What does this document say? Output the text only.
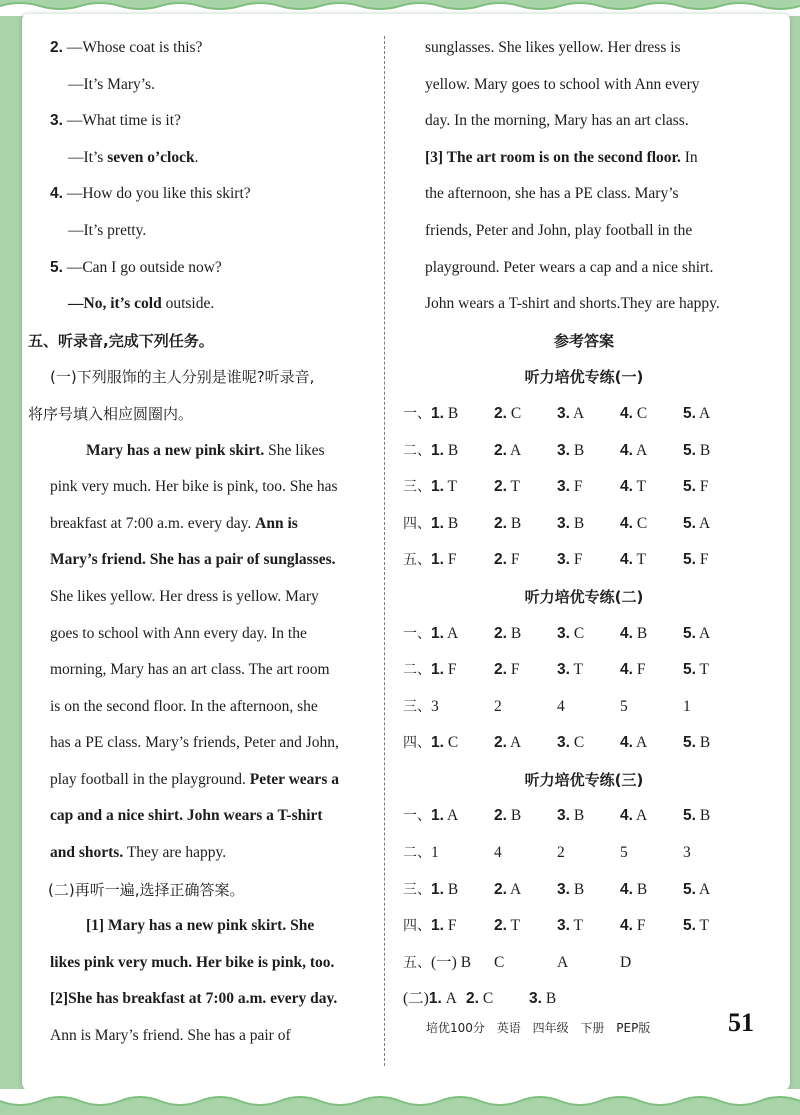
2. —Whose coat is this?
—It’s Mary’s.
3. —What time is it?
—It’s seven o’clock.
4. —How do you like this skirt?
—It’s pretty.
5. —Can I go outside now?
—No, it’s cold outside.
五、听录音,完成下列任务。
(一)下列服饰的主人分别是谁呢?听录音,
将序号填入相应圆圈内。
Mary has a new pink skirt. She likes
pink very much. Her bike is pink, too. She has
breakfast at 7:00 a.m. every day. Ann is
Mary’s friend. She has a pair of sunglasses.
She likes yellow. Her dress is yellow. Mary
goes to school with Ann every day. In the
morning, Mary has an art class. The art room
is on the second floor. In the afternoon, she
has a PE class. Mary’s friends, Peter and John,
play football in the playground. Peter wears a
cap and a nice shirt. John wears a T-shirt
and shorts. They are happy.
(二)再听一遍,选择正确答案。
[1] Mary has a new pink skirt. She
likes pink very much. Her bike is pink, too.
[2]She has breakfast at 7:00 a.m. every day.
Ann is Mary’s friend. She has a pair of
sunglasses. She likes yellow. Her dress is
yellow. Mary goes to school with Ann every
day. In the morning, Mary has an art class.
[3] The art room is on the second floor. In
the afternoon, she has a PE class. Mary’s
friends, Peter and John, play football in the
playground. Peter wears a cap and a nice shirt.
John wears a T-shirt and shorts.They are happy.
参考答案
听力培优专练(一)
一、1. B 2. C 3. A 4. C 5. A
二、1. B 2. A 3. B 4. A 5. B
三、1. T 2. T 3. F 4. T 5. F
四、1. B 2. B 3. B 4. C 5. A
五、1. F 2. F 3. F 4. T 5. F
听力培优专练(二)
一、1. A 2. B 3. C 4. B 5. A
二、1. F 2. F 3. T 4. F 5. T
三、3	2	4	5	1
四、1. C 2. A 3. C 4. A 5. B
听力培优专练(三)
一、1. A 2. B 3. B 4. A 5. B
二、1	4	2	5	3
三、1. B 2. A 3. B 4. B 5. A
四、1. F 2. T 3. T 4. F 5. T
五、(一) B C	A	D
(二)1. A 2. C 3. B
培优100分 英语 四年级 下册 PEP版	51
